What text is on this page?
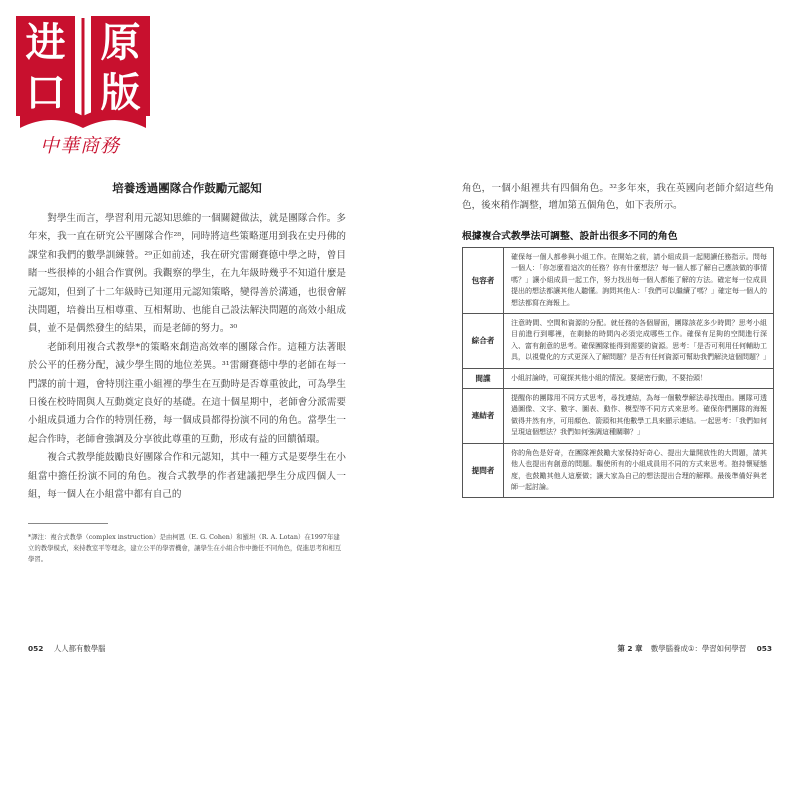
进 原
口 版
中華商務
培養透過團隊合作鼓勵元認知

對學生而言，學習利用元認知思維的一個關鍵做法，就是團隊合作。多年來，我一直在研究公平團隊合作²⁸，同時將這些策略運用到我在史丹佛的課堂和我們的數學訓練營。²⁹正如前述，我在研究雷爾賽德中學之時，曾目睹一些很棒的小組合作實例。我觀察的學生，在九年級時幾乎不知道什麼是元認知，但到了十二年級時已知運用元認知策略，變得善於溝通，也很會解決問題，培養出互相尊重、互相幫助、也能自己設法解決問題的高效小組成員，並不是偶然發生的結果，而是老師的努力。³⁰

老師利用複合式教學*的策略來創造高效率的團隊合作。這種方法著眼於公平的任務分配，減少學生間的地位差異。³¹雷爾賽德中學的老師在每一門課的前十週，會特別注重小組裡的學生在互動時是否尊重彼此，可為學生日後在校時間與人互動奠定良好的基礎。在這十個星期中，老師會分派需要小組成員通力合作的特別任務，每一個成員都得扮演不同的角色。當學生一起合作時，老師會強調及分享彼此尊重的互動，形成有益的回饋循環。

複合式教學能鼓勵良好團隊合作和元認知，其中一種方式是要學生在小組當中擔任扮演不同的角色。複合式教學的作者建議把學生分成四個人一組，每一個人在小組當中都有自己的

*譯注：複合式教學（complex instruction）是由柯恩（E. G. Cohen）和羅坦（R. A. Lotan）在1997年建立的教學模式，來持教室平等理念，建立公平的學習機會，讓學生在小組合作中擔任不同角色，促進思考和相互學習。

角色，一個小組裡共有四個角色。³²多年來，我在英國向老師介紹這些角色，後來稍作調整，增加第五個角色，如下表所示。

根據複合式教學法可調整、設計出很多不同的角色
包容者	確保每一個人都參與小組工作。在開始之前，請小組成員一起閱讀任務指示。問每一個人：「你怎麼看這次的任務？你有什麼想法？每一個人都了解自己應該做的事情嗎？」讓小組成員一起工作，努力找出每一個人都能了解的方法。確定每一位成員提出的想法都讓其他人聽懂。詢問其他人：「我們可以繼續了嗎？」確定每一個人的想法都寫在海報上。
綜合者	注意時間、空間和資源的分配。就任務的各個層面，團隊該花多少時間？思考小組目前進行到哪裡，在剩餘的時間內必須完成哪些工作。確保有足夠的空間進行深入、富有創意的思考。確保團隊能得到需要的資源。思考：「是否可利用任何輔助工具，以視覺化的方式更深入了解問題？是否有任何資源可幫助我們解決這個問題？」
間諜	小組討論時，可窺探其他小組的情況。要絕密行動，不要抬頭！
連結者	提醒你的團隊用不同方式思考，尋找連結，為每一個數學解法尋找理由。團隊可透過圖像、文字、數字、圖表、動作、模型等不同方式來思考。確保你們團隊的海報做得井然有序，可用顏色、箭頭和其他數學工具來顯示連結。一起思考：「我們如何呈現這個想法？我們如何強調這種關聯？」
提問者	你的角色是好奇，在團隊裡鼓勵大家保持好奇心、提出大量開放性的大問題，請其他人也提出有創意的問題。驅使所有的小組成員用不同的方式來思考。抱持懷疑態度，也鼓勵其他人這麼做；讓大家為自己的想法提出合理的解釋。最後準備好與老師一起討論。
052 人人都有數學腦	第 2 章 數學腦養成①：學習如何學習 053
